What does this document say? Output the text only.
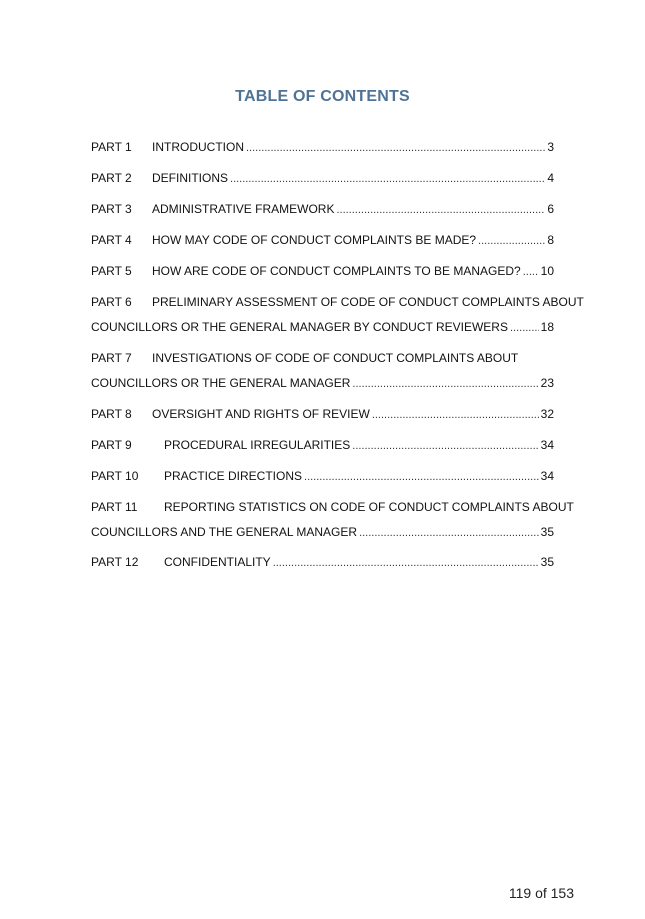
TABLE OF CONTENTS
PART 1	INTRODUCTION .....	3
PART 2	DEFINITIONS .....	4
PART 3	ADMINISTRATIVE FRAMEWORK .....	6
PART 4	HOW MAY CODE OF CONDUCT COMPLAINTS BE MADE? .....	8
PART 5	HOW ARE CODE OF CONDUCT COMPLAINTS TO BE MANAGED? ..... 10
PART 6	PRELIMINARY ASSESSMENT OF CODE OF CONDUCT COMPLAINTS ABOUT
COUNCILLORS OR THE GENERAL MANAGER BY CONDUCT REVIEWERS .....	18
PART 7	INVESTIGATIONS OF CODE OF CONDUCT COMPLAINTS ABOUT
COUNCILLORS OR THE GENERAL MANAGER .....	23
PART 8	OVERSIGHT AND RIGHTS OF REVIEW .....	32
PART 9	PROCEDURAL IRREGULARITIES .....	34
PART 10	PRACTICE DIRECTIONS .....	34
PART 11	REPORTING STATISTICS ON CODE OF CONDUCT COMPLAINTS ABOUT
COUNCILLORS AND THE GENERAL MANAGER .....	35
PART 12	CONFIDENTIALITY .....	35
119 of 153
